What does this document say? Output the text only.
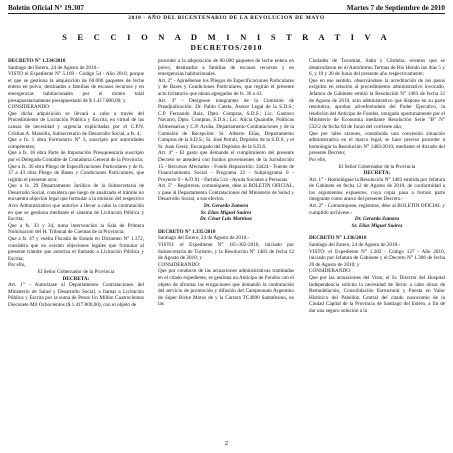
Boletín Oficial N° 19.307	Martes 7 de Septiembre de 2010
2010 - AÑO DEL BICENTENARIO DE LA REVOLUCION DE MAYO
S E C C I O N A D M I N I S T R A T I V A
DECRETOS/2010

DECRETO N° 1.334/2010

Santiago del Estero, 24 de Agosto de 2010.-

VISTO el Expediente N° 5.169 - Código 54 - Año 2010, porque el que se gestiona la adquisición de 60.000 paquetes de leche entera en polvo, destinados a familias de escasos recursos y en emergencias habitacionales por el monto total presupuestariamente presupuestado de $ 1.417.800,00; y

CONSIDERANDO:

Que dicha adquisición se llevará a cabo a través del Procedimiento de Licitación Pública y Escrita, en virtud de las causas de necesidad y urgencia explicitadas por el C.P.N. Cristian A. Mansilla, Subsecretario de Desarrollo Social, a fs. 4;

Que a fs. 1 obra Formulario N° 3, suscripto por autoridades competentes;

Que a fs. 18 obra Parte de Imputación Presupuestaria suscripto por el Delegado Contable de Contaduría General de la Provincia;

Que a fs. 36 obra Pliego de Especificaciones Particulares y de fs. 37 a 43 obra Pliego de Bases y Condiciones Particulares, que regirán el presente acto;

Que a fs. 29 Departamento Jurídico de la Subsecretaría de Desarrollo Social, considera que luego de analizado el trámite no encuentra objeción legal que formular a la emisión del respectivo Acto Administrativo que autorice a llevar a cabo la contratación en que se gestiona mediante el sistema de Licitación Pública y Escrita;

Que a fs. 33 y 34, toma intervención la Sala de Primera Nominación del H. Tribunal de Cuentas de la Provincia;

Que a fs. 47 y vuelta Fiscalía de Estado en Dictamen N° 1.372, considera que no existen objeciones legales que formular al presente trámite que autoriza el llamado a Licitación Pública y Escrita;

Por ello,

El Señor Gobernador de la Provincia

DECRETA:

Art. 1° - Autorízase al Departamento Contrataciones del Ministerio de Salud y Desarrollo Social, a llamar a Licitación Pública y Escrita por la suma de Pesos Un Millón Cuatrocientos Diecisiete Mil Ochocientos ($ 1.417.800,00), con el objeto de

proceder a la adquisición de 60.000 paquetes de leche entera en polvo, destinados a familias de escasos recursos y en emergencias habitacionales.

Art. 2° - Apruébense los Pliegos de Especificaciones Particulares y de Bases y Condiciones Particulares, que regirán el presente acto licitatorio que obran agregados de fs. 36 a 43.

Art. 3° - Desígnese integrantes de la Comisión de Preadjudicación: Dr. Pablo Catela, Asesor Legal de la S.D.S.; C.P. Fernando Ruiz, Dpto. Compras, S.D.S.; Lic. Gustavo Navarro, Dpto. Compras, S.D.S.; Lic. Alicia Quaindle, Políticas Alimentarias y C.P. Acuña, Departamento Contrataciones y de la Comisión de Recepción: Sr. Alberto Elías, Departamento Compras de la S.D.S.; Sr. José Petrali, Depósito de la S.D.S. y el Sr. Juan Geréz, Encargado del Depósito de la S.D.S.

Art. 4° - El gasto que demande el cumplimiento del presente Decreto se atenderá con fondos provenientes de la Jurisdicción 15 - Recursos Afectados - Fondo Reparación: 34424 - Fuente de Financiamiento Social - Programa 22 - Subprograma 0 - Proyecto 0 - A/O 01 - Partida 514 - Ayuda Sociales a Personas.

Art. 5° - Regístrese, comuníquese, dése al BOLETIN OFICIAL, y pase al Departamento Contrataciones del Ministerio de Salud y Desarrollo Social, a sus efectos.

Dr. Gerardo Zamora

Sr. Elías Miguel Suárez

Dr. César Luis Martínez

DECRETO N° 1.335/2010

Santiago del Estero, 24 de Agosto de 2010.-

VISTO: el Expediente N° 165-302-2010, iniciado por Subsecretaría de Turismo, y la Resolución N° 1483 de fecha 12 de Agosto de 2010; y

CONSIDERANDO:

Que por conducto de las actuaciones administrativas tramitadas en el citado expediente, se gestiona un Anticipo de Fondos con el objeto de afrontar las erogaciones que demandó la contratación del servicio de promoción y difusión del Campeonato Argentino de Súper Bicke Motos de y la Carrera TC4000 Santafesino, en las

Ciudades de Tucumán, Salta y Córdoba, eventos que se desarrollaron en el Autódromo Termas de Río Hondo los días 5 y 6, y 19 y 20 de Junio del presente año respectivamente;

Que en ese sentido, observándose la acreditación de los pasos exigidos en relación al procedimiento administrativo invocado, Jefatura de Gabinete emitió la Resolución N° 1483 de fecha 12 de Agosto de 2010, acto administrativo que dispone en su parte resolutiva, aprobar ad-referéndum del Poder Ejecutivo, la rendición del Anticipo de Fondos, otorgado oportunamente por el Ministerio de Economía mediante Resolución Serie "B" N° 532/2 de fecha 04 de Junio del corriente año;

Que por tales razones, constituida una concesión situación administrativa en el marco legal, se hace preciso proceder a homologar la Resolución N° 1483/2010, mediante el dictado del presente Decreto;

Por ello,

El Señor Gobernador de la Provincia

DECRETA:

Art. 1° - Homológase la Resolución N° 1483 emitida por Jefatura de Gabinete en fecha 12 de Agosto de 2010, de conformidad a los argumentos expuestos, cuya copia pasa a formar parte integrante como anexo del presente Decreto.-

Art. 2° - Comuníquese, regístrese, dése al BOLETIN OFICIAL y cumplido archívese.-

Dr. Gerardo Zamora

Sr. Elías Miguel Suárez

DECRETO N° 1.336/2010

Santiago del Estero, 24 de Agosto de 2010.-

VISTO: el Expediente N° 1.282 - Código 127 - Año 2010, iniciado por Jefatura de Gabinete y el Decreto N° 1.306 de fecha 20 de Agosto de 2010; y

CONSIDERANDO:

Que por las actuaciones del Visto, el Sr. Director del Hospital Independencia solicita la necesidad de llevar a cabo obras de Remodelación, Consolidación Estructural y Puesta en Valor Histórico del Pabellón Central del citado nosocomio de la Ciudad Capital de la Provincia de Santiago del Estero, a fin de dar una seguro solución a la

2
